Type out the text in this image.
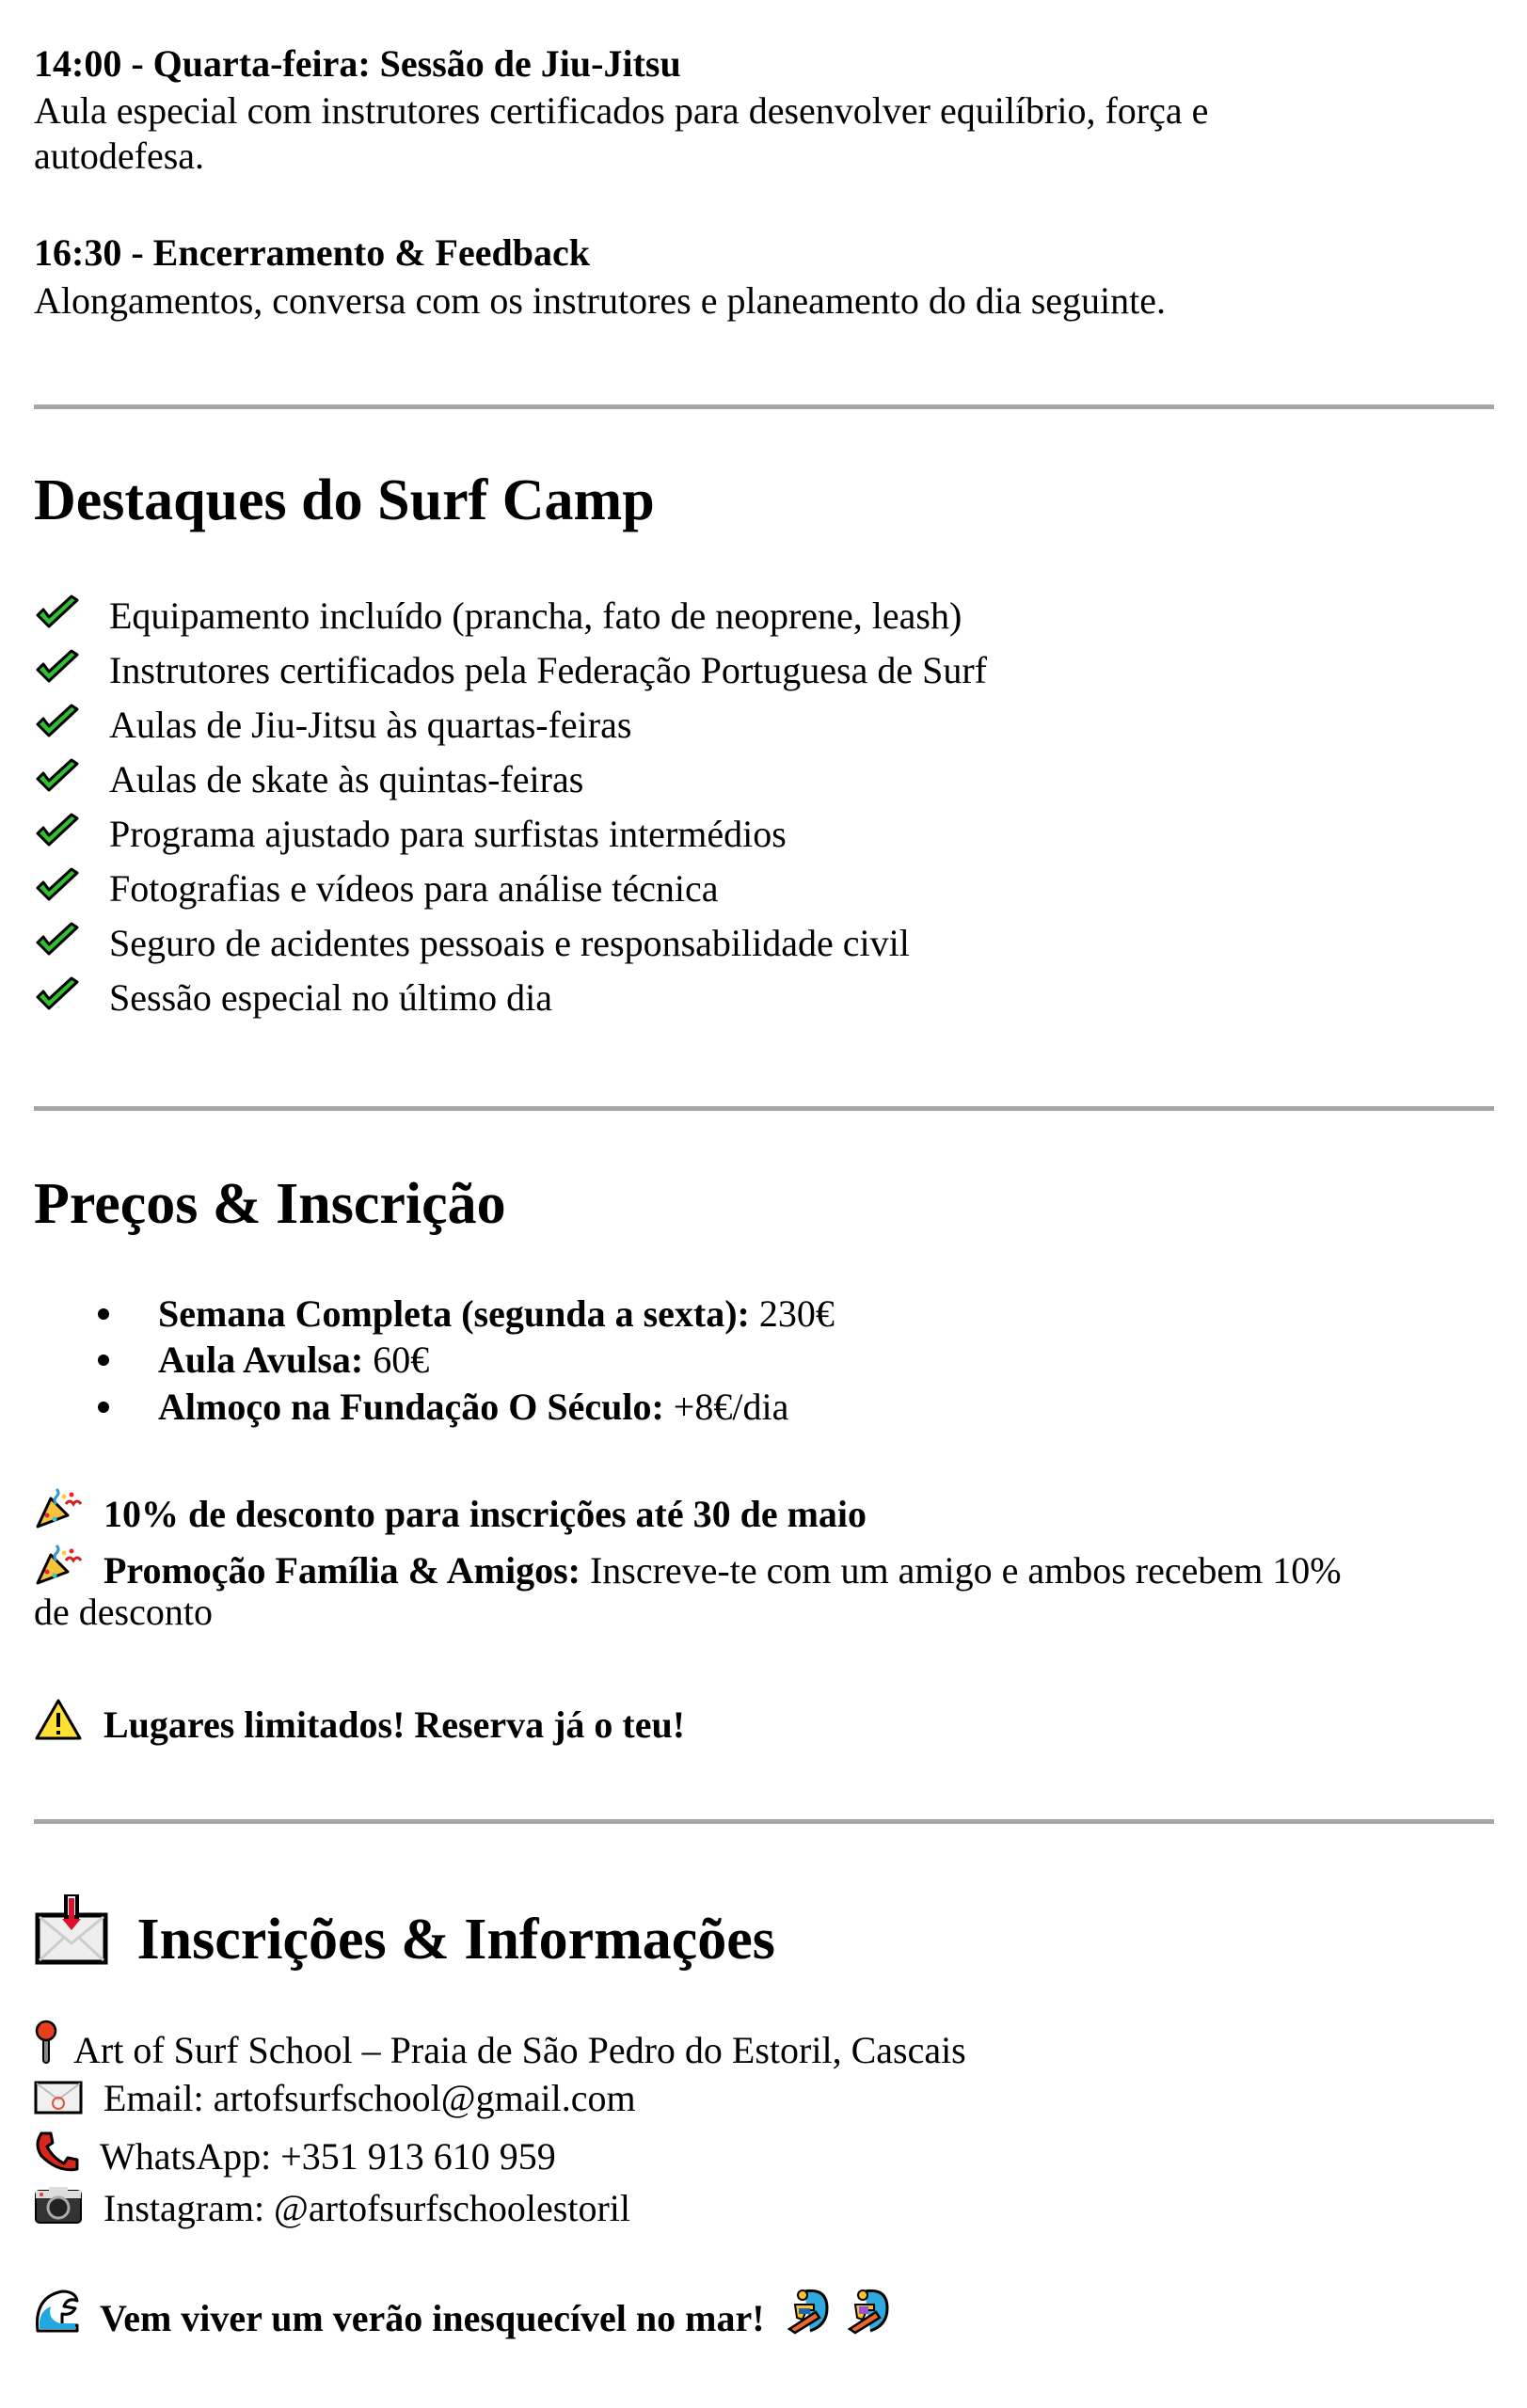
14:00 - Quarta-feira: Sessão de Jiu-Jitsu
Aula especial com instrutores certificados para desenvolver equilíbrio, força e
autodefesa.
16:30 - Encerramento & Feedback
Alongamentos, conversa com os instrutores e planeamento do dia seguinte.
Destaques do Surf Camp
Equipamento incluído (prancha, fato de neoprene, leash)
Instrutores certificados pela Federação Portuguesa de Surf
Aulas de Jiu-Jitsu às quartas-feiras
Aulas de skate às quintas-feiras
Programa ajustado para surfistas intermédios
Fotografias e vídeos para análise técnica
Seguro de acidentes pessoais e responsabilidade civil
Sessão especial no último dia
Preços & Inscrição
Semana Completa (segunda a sexta): 230€
Aula Avulsa: 60€
Almoço na Fundação O Século: +8€/dia
10% de desconto para inscrições até 30 de maio
Promoção Família & Amigos: Inscreve-te com um amigo e ambos recebem 10%
de desconto
Lugares limitados! Reserva já o teu!
Inscrições & Informações
Art of Surf School – Praia de São Pedro do Estoril, Cascais
Email: artofsurfschool@gmail.com
WhatsApp: +351 913 610 959
Instagram: @artofsurfschoolestoril
Vem viver um verão inesquecível no mar!
